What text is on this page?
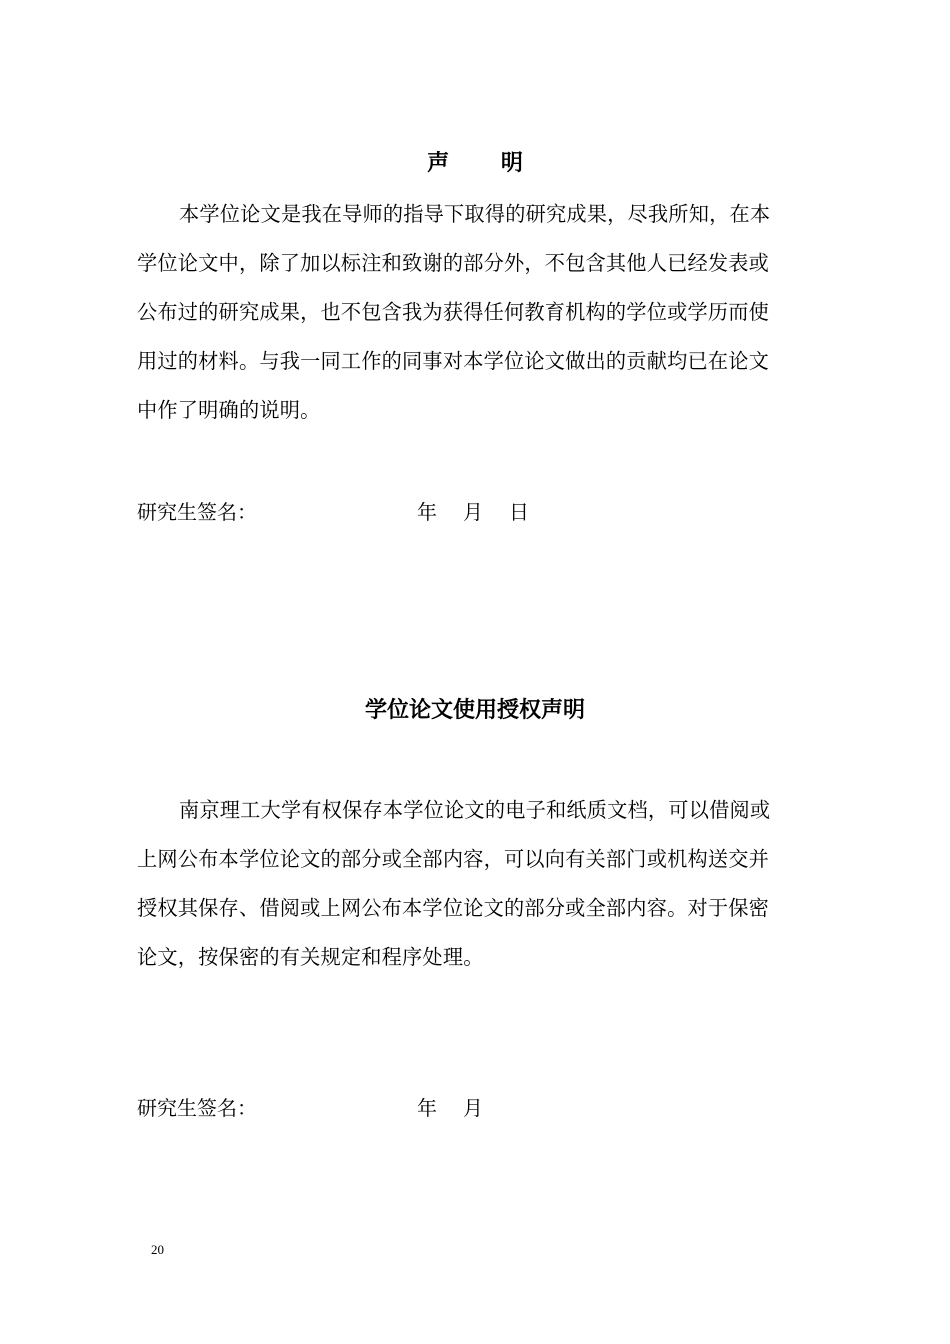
声 明
本学位论文是我在导师的指导下取得的研究成果，尽我所知，在本
学位论文中，除了加以标注和致谢的部分外，不包含其他人已经发表或
公布过的研究成果，也不包含我为获得任何教育机构的学位或学历而使
用过的材料。与我一同工作的同事对本学位论文做出的贡献均已在论文
中作了明确的说明。
研究生签名：	年 月 日
学位论文使用授权声明
南京理工大学有权保存本学位论文的电子和纸质文档，可以借阅或
上网公布本学位论文的部分或全部内容，可以向有关部门或机构送交并
授权其保存、借阅或上网公布本学位论文的部分或全部内容。对于保密
论文，按保密的有关规定和程序处理。
研究生签名：	年 月
20
